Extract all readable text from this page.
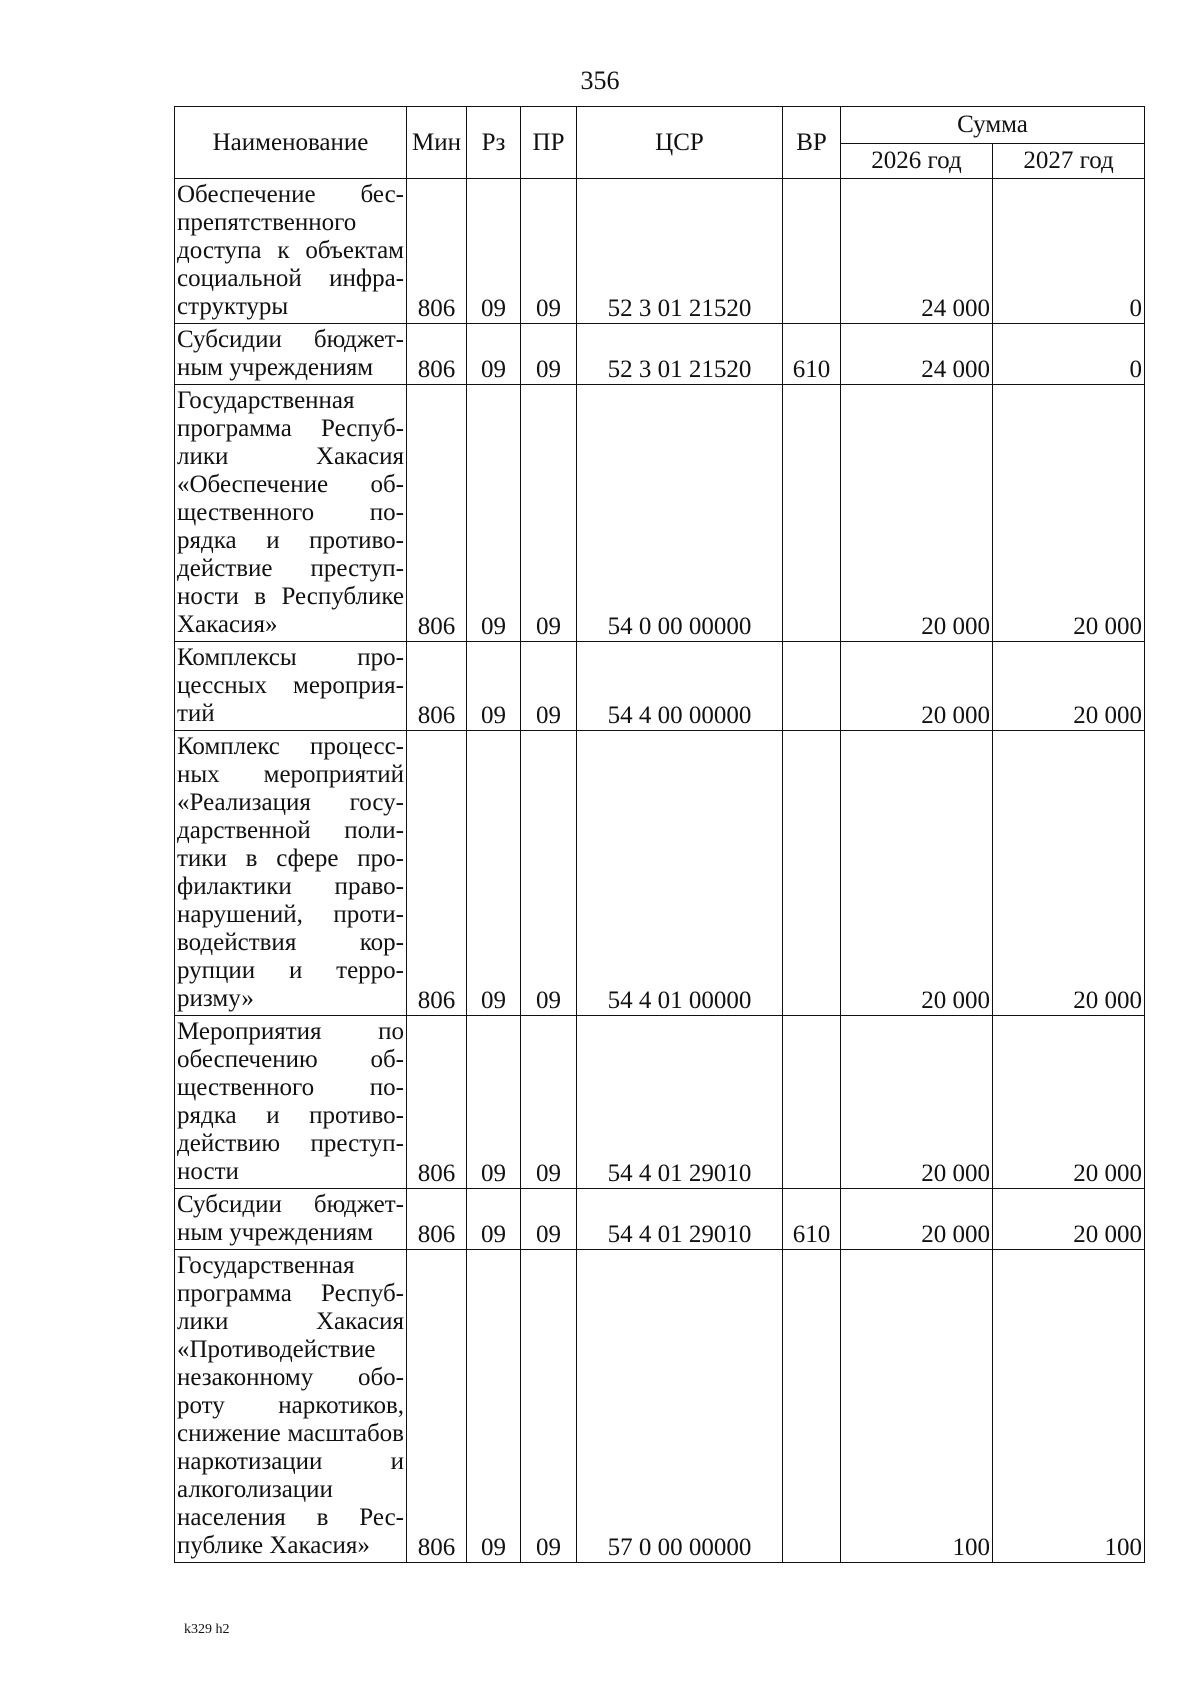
356
Наименование	Мин	Рз	ПР	ЦСР	ВР	Сумма	
						2026 год	2027 год
Обеспечение беспрепятственного доступа к объектам социальной инфраструктуры	806	09	09	52 3 01 21520		24 000	0
Субсидии бюджетным учреждениям	806	09	09	52 3 01 21520	610	24 000	0
Государственная программа Республики Хакасия «Обеспечение общественного порядка и противодействие преступности в Республике Хакасия»	806	09	09	54 0 00 00000		20 000	20 000
Комплексы процессных мероприятий	806	09	09	54 4 00 00000		20 000	20 000
Комплекс процессных мероприятий «Реализация государственной политики в сфере профилактики правонарушений, противодействия коррупции и терроризму»	806	09	09	54 4 01 00000		20 000	20 000
Мероприятия по обеспечению общественного порядка и противодействию преступности	806	09	09	54 4 01 29010		20 000	20 000
Субсидии бюджетным учреждениям	806	09	09	54 4 01 29010	610	20 000	20 000
Государственная программа Республики Хакасия «Противодействие незаконному обороту наркотиков, снижение масштабов наркотизации и алкоголизации населения в Республике Хакасия»	806	09	09	57 0 00 00000		100	100
k329 h2
